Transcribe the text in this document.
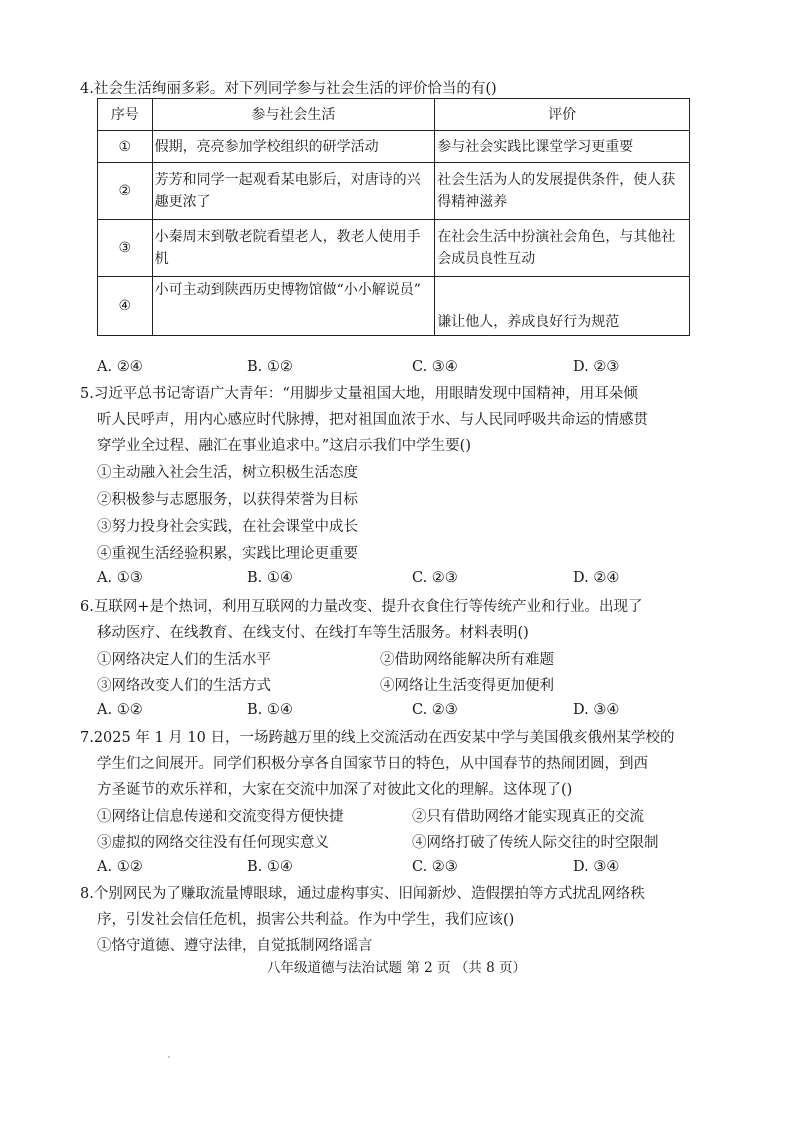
4.社会生活绚丽多彩。对下列同学参与社会生活的评价恰当的有()
序号	参与社会生活	评价
①	假期，亮亮参加学校组织的研学活动	参与社会实践比课堂学习更重要
②	芳芳和同学一起观看某电影后，对唐诗的兴趣更浓了	社会生活为人的发展提供条件，使人获得精神滋养
③	小秦周末到敬老院看望老人，教老人使用手机	在社会生活中扮演社会角色，与其他社会成员良性互动
④	小可主动到陕西历史博物馆做“小小解说员”	谦让他人，养成良好行为规范
A. ②④	B. ①②	C. ③④	D. ②③
5.习近平总书记寄语广大青年：“用脚步丈量祖国大地，用眼睛发现中国精神，用耳朵倾
听人民呼声，用内心感应时代脉搏，把对祖国血浓于水、与人民同呼吸共命运的情感贯
穿学业全过程、融汇在事业追求中。”这启示我们中学生要()
①主动融入社会生活，树立积极生活态度
②积极参与志愿服务，以获得荣誉为目标
③努力投身社会实践，在社会课堂中成长
④重视生活经验积累，实践比理论更重要
A. ①③	B. ①④	C. ②③	D. ②④
6.互联网+是个热词，利用互联网的力量改变、提升衣食住行等传统产业和行业。出现了
移动医疗、在线教育、在线支付、在线打车等生活服务。材料表明()
①网络决定人们的生活水平	②借助网络能解决所有难题
③网络改变人们的生活方式	④网络让生活变得更加便利
A. ①②	B. ①④	C. ②③	D. ③④
7.2025 年 1 月 10 日，一场跨越万里的线上交流活动在西安某中学与美国俄亥俄州某学校的
学生们之间展开。同学们积极分享各自国家节日的特色，从中国春节的热闹团圆，到西
方圣诞节的欢乐祥和，大家在交流中加深了对彼此文化的理解。这体现了()
①网络让信息传递和交流变得方便快捷	②只有借助网络才能实现真正的交流
③虚拟的网络交往没有任何现实意义	④网络打破了传统人际交往的时空限制
A. ①②	B. ①④	C. ②③	D. ③④
8.个别网民为了赚取流量博眼球，通过虚构事实、旧闻新炒、造假摆拍等方式扰乱网络秩
序，引发社会信任危机，损害公共利益。作为中学生，我们应该()
①恪守道德、遵守法律，自觉抵制网络谣言
八年级道德与法治试题 第 2 页 （共 8 页）
